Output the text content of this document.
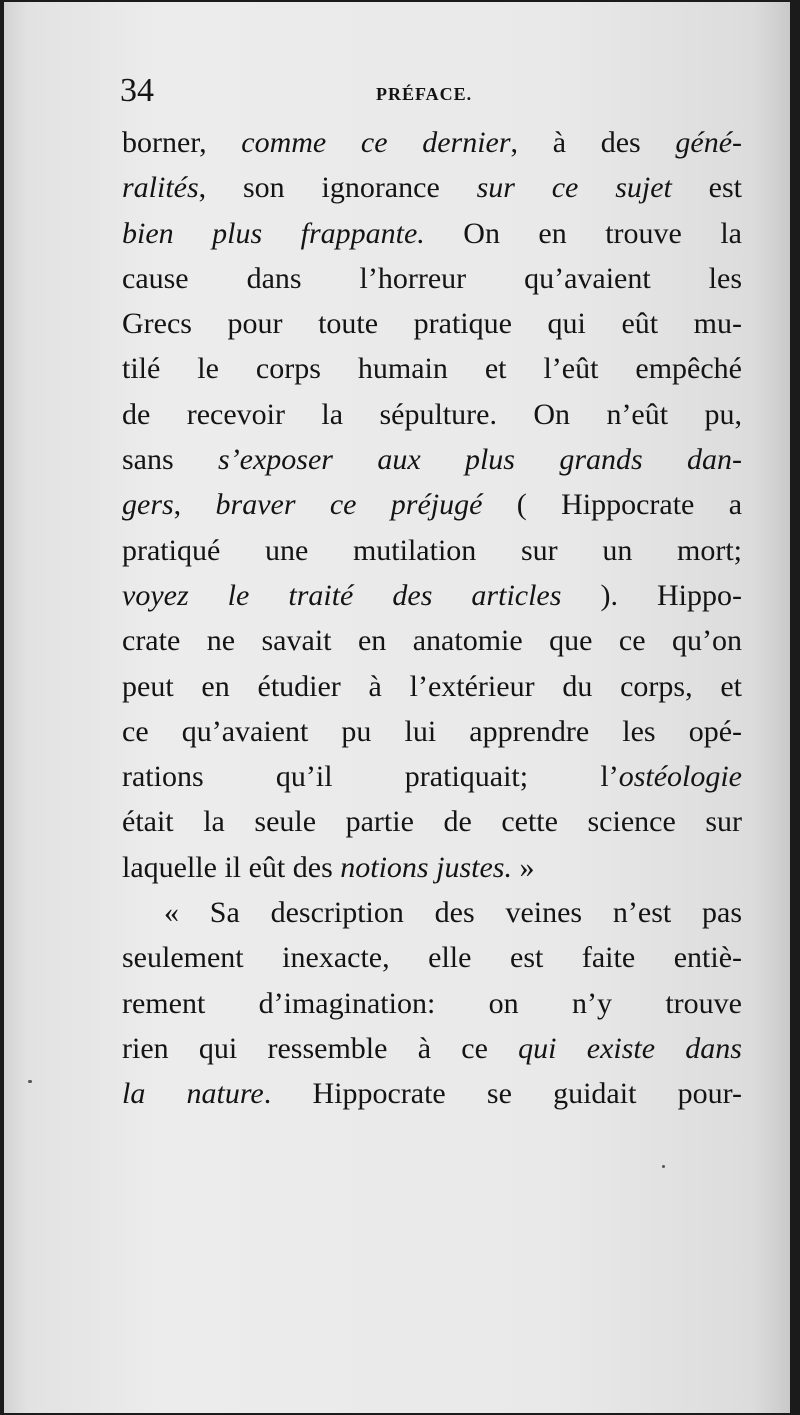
34	PRÉFACE.
borner, comme ce dernier, à des géné-
ralités, son ignorance sur ce sujet est
bien plus frappante. On en trouve la
cause dans l’horreur qu’avaient les
Grecs pour toute pratique qui eût mu-
tilé le corps humain et l’eût empêché
de recevoir la sépulture. On n’eût pu,
sans s’exposer aux plus grands dan-
gers, braver ce préjugé ( Hippocrate a
pratiqué une mutilation sur un mort;
voyez le traité des articles ). Hippo-
crate ne savait en anatomie que ce qu’on
peut en étudier à l’extérieur du corps, et
ce qu’avaient pu lui apprendre les opé-
rations qu’il pratiquait; l’ostéologie
était la seule partie de cette science sur
laquelle il eût des notions justes. »
« Sa description des veines n’est pas
seulement inexacte, elle est faite entiè-
rement d’imagination: on n’y trouve
rien qui ressemble à ce qui existe dans
la nature. Hippocrate se guidait pour-
